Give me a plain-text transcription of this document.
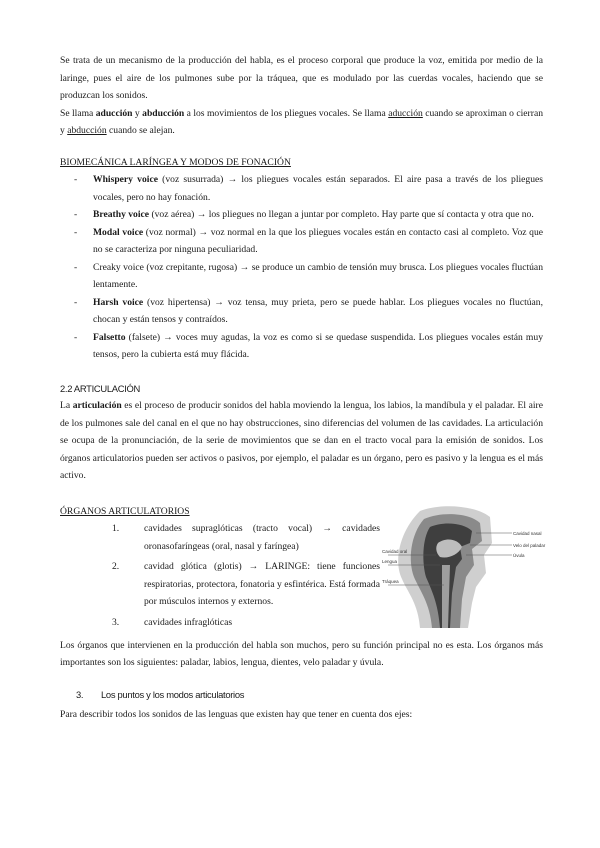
Se trata de un mecanismo de la producción del habla, es el proceso corporal que produce la voz, emitida por medio de la laringe, pues el aire de los pulmones sube por la tráquea, que es modulado por las cuerdas vocales, haciendo que se produzcan los sonidos.

Se llama aducción y abducción a los movimientos de los pliegues vocales. Se llama aducción cuando se aproximan o cierran y abducción cuando se alejan.

BIOMECÁNICA LARÍNGEA Y MODOS DE FONACIÓN
- Whispery voice (voz susurrada) → los pliegues vocales están separados. El aire pasa a través de los pliegues vocales, pero no hay fonación.
- Breathy voice (voz aérea) → los pliegues no llegan a juntar por completo. Hay parte que sí contacta y otra que no.
- Modal voice (voz normal) → voz normal en la que los pliegues vocales están en contacto casi al completo. Voz que no se caracteriza por ninguna peculiaridad.
- Creaky voice (voz crepitante, rugosa) → se produce un cambio de tensión muy brusca. Los pliegues vocales fluctúan lentamente.
- Harsh voice (voz hipertensa) → voz tensa, muy prieta, pero se puede hablar. Los pliegues vocales no fluctúan, chocan y están tensos y contraídos.
- Falsetto (falsete) → voces muy agudas, la voz es como si se quedase suspendida. Los pliegues vocales están muy tensos, pero la cubierta está muy flácida.
2.2 ARTICULACIÓN

La articulación es el proceso de producir sonidos del habla moviendo la lengua, los labios, la mandíbula y el paladar. El aire de los pulmones sale del canal en el que no hay obstrucciones, sino diferencias del volumen de las cavidades. La articulación se ocupa de la pronunciación, de la serie de movimientos que se dan en el tracto vocal para la emisión de sonidos. Los órganos articulatorios pueden ser activos o pasivos, por ejemplo, el paladar es un órgano, pero es pasivo y la lengua es el más activo.

ÓRGANOS ARTICULATORIOS
1.	cavidades supraglóticas (tracto vocal) → cavidades oronasofaríngeas (oral, nasal y faríngea)
2.	cavidad glótica (glotis) → LARINGE: tiene funciones respiratorias, protectora, fonatoria y esfintérica. Está formada por músculos internos y externos.
3.	cavidades infraglóticas
Cavidad nasal
Velo del paladar
Úvula
Cavidad oral
Lengua
Tráquea

Los órganos que intervienen en la producción del habla son muchos, pero su función principal no es esta. Los órganos más importantes son los siguientes: paladar, labios, lengua, dientes, velo paladar y úvula.

3. Los puntos y los modos articulatorios

Para describir todos los sonidos de las lenguas que existen hay que tener en cuenta dos ejes:
